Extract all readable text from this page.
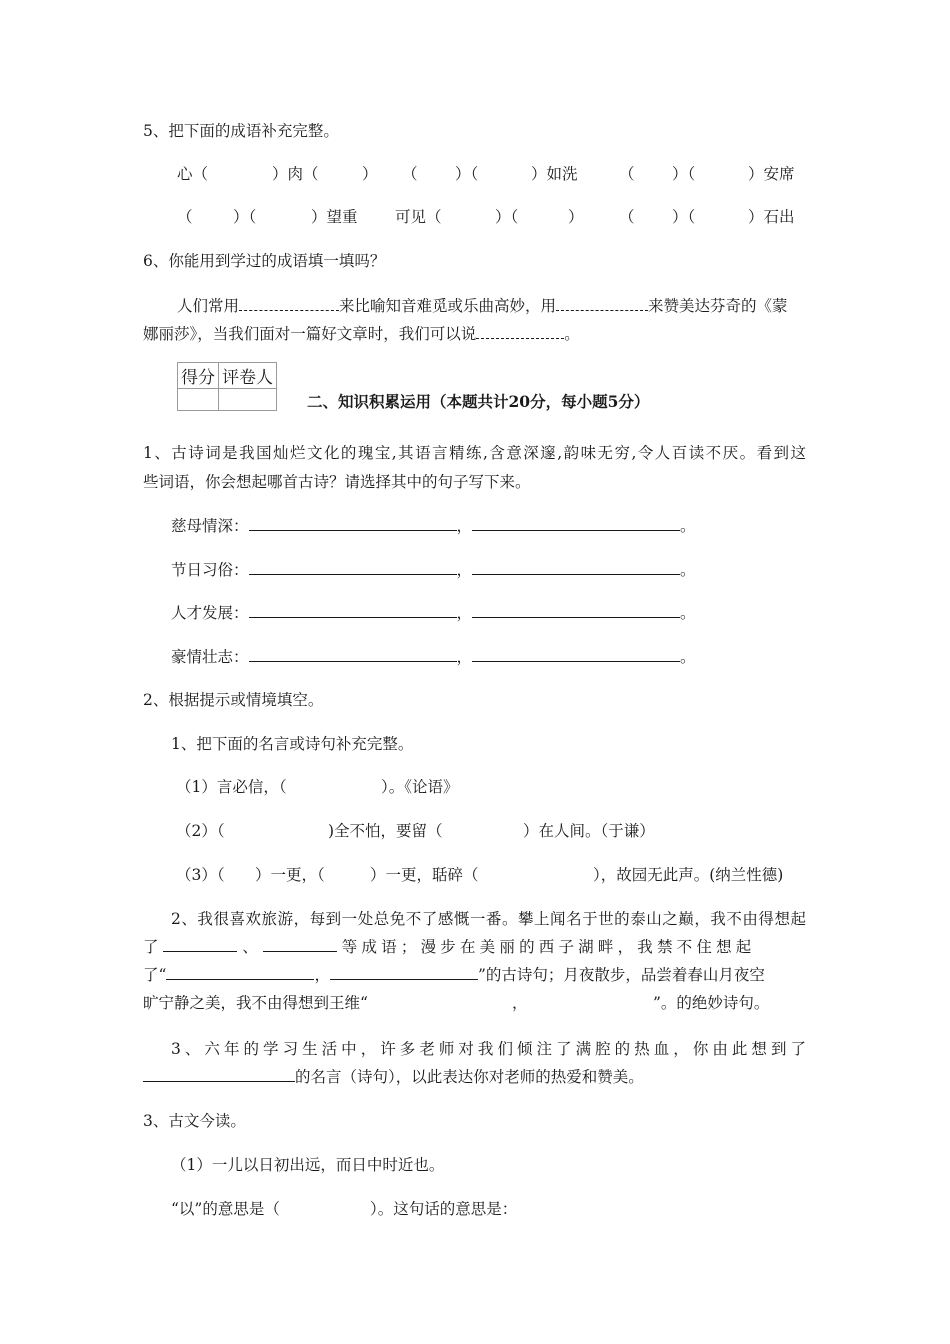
5、把下面的成语补充完整。
心（	）肉（	） （ ）（	）如洗	（ ）（	）安席
（	）（	）望重 可见（	）（	） （ ）（	）石出
6、你能用到学过的成语填一填吗？
人们常用	来比喻知音难觅或乐曲高妙，用	来赞美达芬奇的《蒙
娜丽莎》，当我们面对一篇好文章时，我们可以说	。
得分	评卷人

二、知识积累运用（本题共计20分，每小题5分）
1、古诗词是我国灿烂文化的瑰宝,其语言精练,含意深邃,韵味无穷,令人百读不厌。看到这
些词语，你会想起哪首古诗？请选择其中的句子写下来。
慈母情深：	，	。
节日习俗：	，	。
人才发展：	，	。
豪情壮志：	，	。
2、根据提示或情境填空。
1、把下面的名言或诗句补充完整。
（1）言必信，（	）。《论语》
（2）（	)全不怕，要留（	）在人间。（于谦）
（3）（ ）一更，（	）一更，聒碎（	），故园无此声。(纳兰性德)
2、我很喜欢旅游，每到一处总免不了感慨一番。攀上闻名于世的泰山之巅，我不由得想起
了	、	等成语；漫步在美丽的西子湖畔，我禁不住想起
了“	，	”的古诗句；月夜散步，品尝着春山月夜空
旷宁静之美，我不由得想到王维“	，	”。的绝妙诗句。
3、六年的学习生活中，许多老师对我们倾注了满腔的热血，你由此想到了
的名言（诗句），以此表达你对老师的热爱和赞美。
3、古文今读。
（1）一儿以日初出远，而日中时近也。
“以”的意思是（	）。这句话的意思是：
